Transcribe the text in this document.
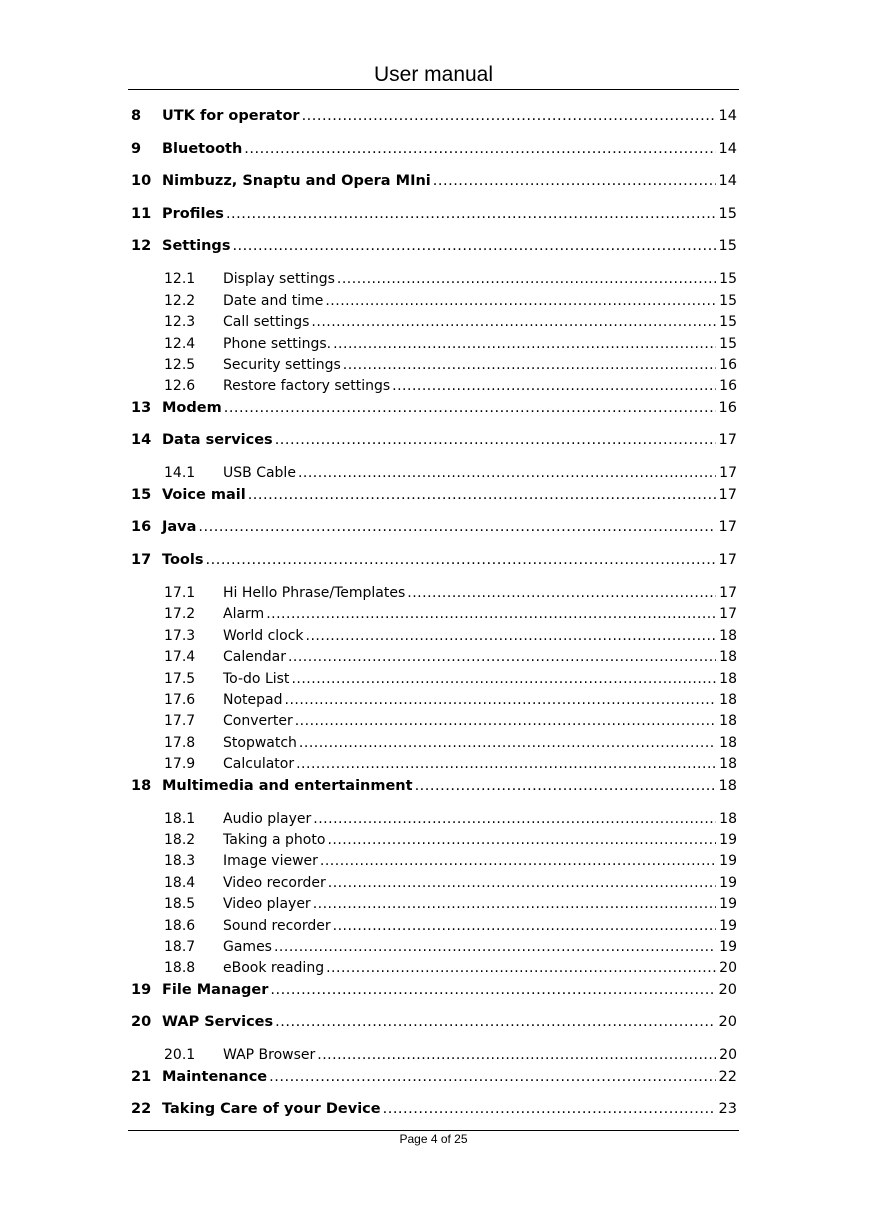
User manual
8	UTK for operator .....	14
9	Bluetooth .....	14
10 Nimbuzz, Snaptu and Opera MIni .....	14
11 Profiles .....	15
12 Settings .....	15
12.1	Display settings .....	15
12.2	Date and time .....	15
12.3	Call settings .....	15
12.4	Phone settings. .....	15
12.5	Security settings .....	16
12.6	Restore factory settings .....	16
13 Modem .....	16
14 Data services .....	17
14.1	USB Cable .....	17
15 Voice mail .....	17
16 Java .....	17
17 Tools .....	17
17.1	Hi Hello Phrase/Templates .....	17
17.2	Alarm .....	17
17.3	World clock .....	18
17.4	Calendar .....	18
17.5	To-do List .....	18
17.6	Notepad .....	18
17.7	Converter .....	18
17.8	Stopwatch .....	18
17.9	Calculator .....	18
18 Multimedia and entertainment .....	18
18.1	Audio player .....	18
18.2	Taking a photo .....	19
18.3	Image viewer .....	19
18.4	Video recorder .....	19
18.5	Video player .....	19
18.6	Sound recorder .....	19
18.7	Games .....	19
18.8	eBook reading .....	20
19 File Manager .....	20
20 WAP Services .....	20
20.1	WAP Browser .....	20
21 Maintenance .....	22
22 Taking Care of your Device .....	23
Page 4 of 25
